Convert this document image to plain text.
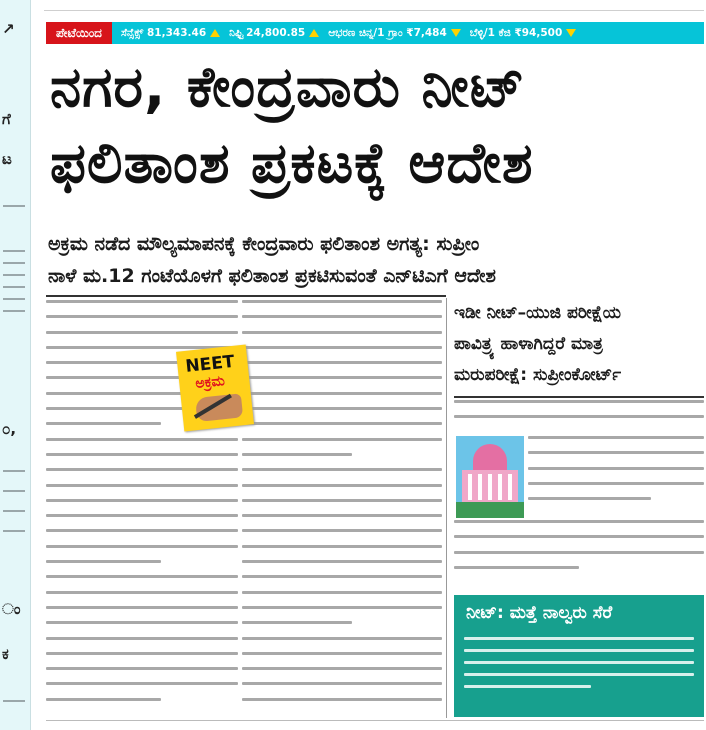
↗
ಗೆ
ಟ
೦,
ಂ
ಕ
ಪೇಟೆಯಿಂದ	ಸೆನ್ಸೆಕ್ಸ್
81,343.46 ನಿಫ್ಟಿ
24,800.85 ಆಭರಣ ಚಿನ್ನ/1 ಗ್ರಾಂ
₹7,484 ಬೆಳ್ಳಿ/1 ಕೆಜಿ
₹94,500
ನಗರ, ಕೇಂದ್ರವಾರು ನೀಟ್
ಫಲಿತಾಂಶ ಪ್ರಕಟಕ್ಕೆ ಆದೇಶ
ಅಕ್ರಮ ನಡೆದ ಮೌಲ್ಯಮಾಪನಕ್ಕೆ ಕೇಂದ್ರವಾರು ಫಲಿತಾಂಶ ಅಗತ್ಯ: ಸುಪ್ರೀಂ
ನಾಳೆ ಮ.12 ಗಂಟೆಯೊಳಗೆ ಫಲಿತಾಂಶ ಪ್ರಕಟಿಸುವಂತೆ ಎನ್‌ಟಿಎಗೆ ಆದೇಶ
NEET
ಅಕ್ರಮ
ಇಡೀ ನೀಟ್–ಯುಜಿ ಪರೀಕ್ಷೆಯ
ಪಾವಿತ್ರ್ಯ ಹಾಳಾಗಿದ್ದರೆ ಮಾತ್ರ
ಮರುಪರೀಕ್ಷೆ: ಸುಪ್ರೀಂಕೋರ್ಟ್
ನೀಟ್: ಮತ್ತೆ ನಾಲ್ವರು ಸೆರೆ
